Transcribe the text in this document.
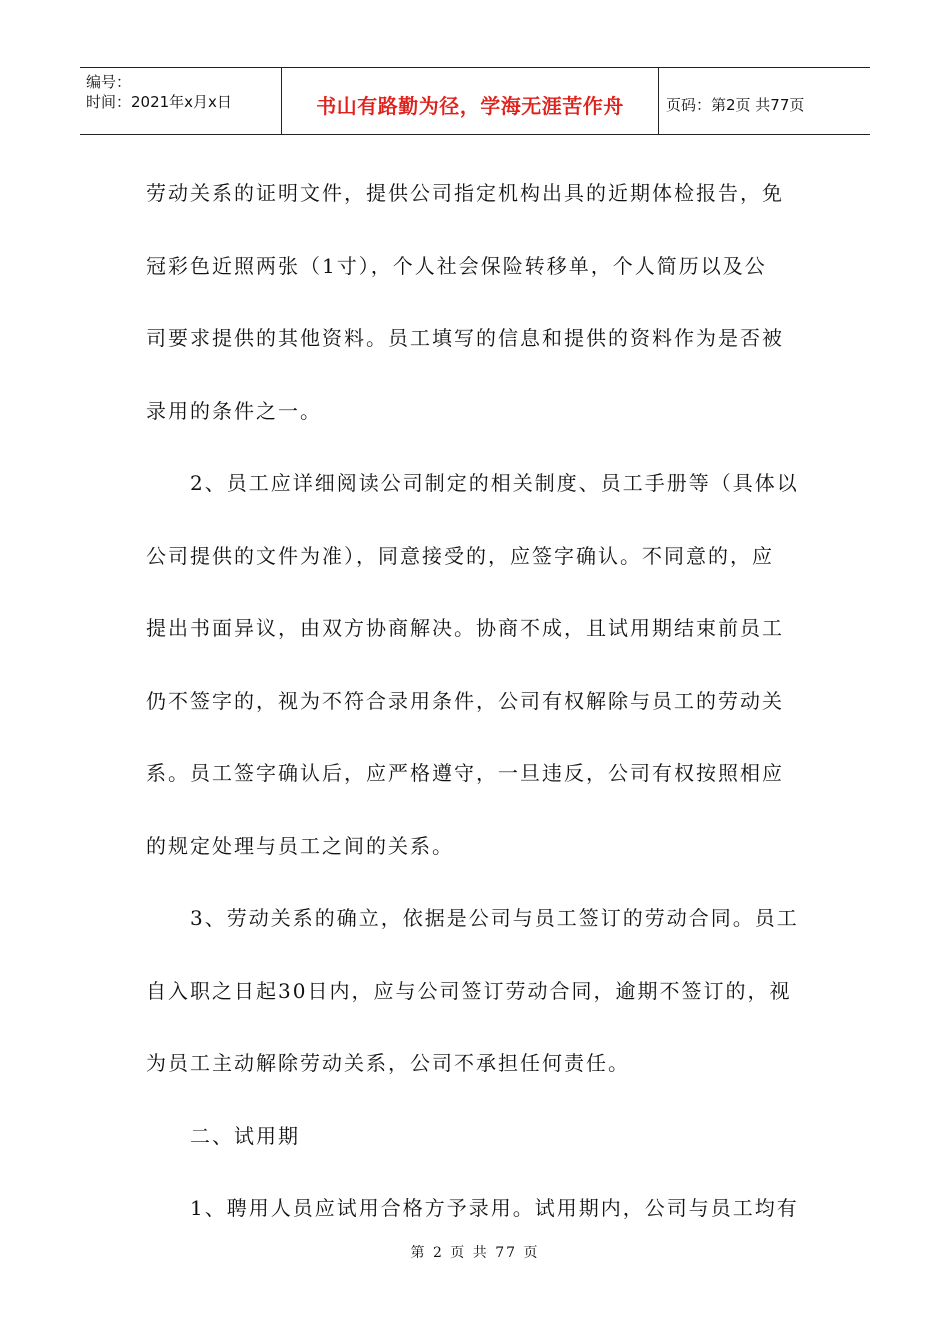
编号：
时间：2021年x月x日	书山有路勤为径，学海无涯苦作舟	页码：第2页 共77页

劳动关系的证明文件，提供公司指定机构出具的近期体检报告，免

冠彩色近照两张（1寸），个人社会保险转移单，个人简历以及公

司要求提供的其他资料。员工填写的信息和提供的资料作为是否被

录用的条件之一。

2、员工应详细阅读公司制定的相关制度、员工手册等（具体以

公司提供的文件为准），同意接受的，应签字确认。不同意的，应

提出书面异议，由双方协商解决。协商不成，且试用期结束前员工

仍不签字的，视为不符合录用条件，公司有权解除与员工的劳动关

系。员工签字确认后，应严格遵守，一旦违反，公司有权按照相应

的规定处理与员工之间的关系。

3、劳动关系的确立，依据是公司与员工签订的劳动合同。员工

自入职之日起30日内，应与公司签订劳动合同，逾期不签订的，视

为员工主动解除劳动关系，公司不承担任何责任。

二、试用期

1、聘用人员应试用合格方予录用。试用期内，公司与员工均有

第 2 页 共 77 页
